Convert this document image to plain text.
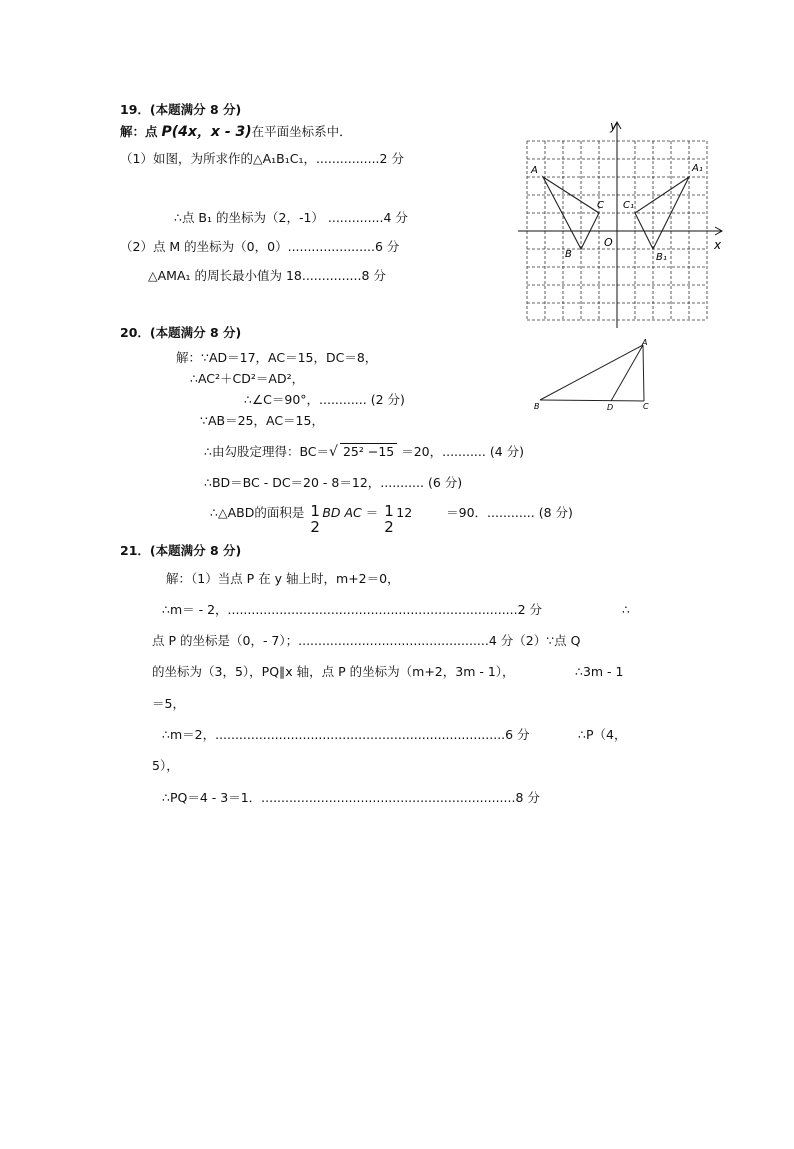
19．(本题满分 8 分)
解：点 P(4x，x - 3)在平面坐标系中．
（1）如图，为所求作的△A₁B₁C₁，................2 分
∴点 B₁ 的坐标为（2，-1） ..............4 分
（2）点 M 的坐标为（0，0）......................6 分
△AMA₁ 的周长最小值为 18...............8 分
y
x
O
A
B
C
A₁
B₁
C₁
20．(本题满分 8 分)
解：∵AD＝17，AC＝15，DC＝8，
∴AC²＋CD²＝AD²，
∴∠C＝90°，............ (2 分)
∵AB＝25，AC＝15，
∴由勾股定理得：BC＝√ 25² −15 ＝20，........... (4 分)
∴BD＝BC - DC＝20 - 8＝12，........... (6 分)
∴△ABD的面积是 1
2
BD AC ＝ 1
2
12	＝90．............ (8 分)
A
B	C
D
21．(本题满分 8 分)
解：（1）当点 P 在 y 轴上时，m+2＝0，
∴m＝ - 2，.........................................................................2 分	∴
点 P 的坐标是（0，- 7）；................................................4 分（2）∵点 Q
的坐标为（3，5），PQ∥x 轴，点 P 的坐标为（m+2，3m - 1），	∴3m - 1
＝5，
∴m＝2，.........................................................................6 分	∴P（4，
5），
∴PQ＝4 - 3＝1．................................................................8 分
